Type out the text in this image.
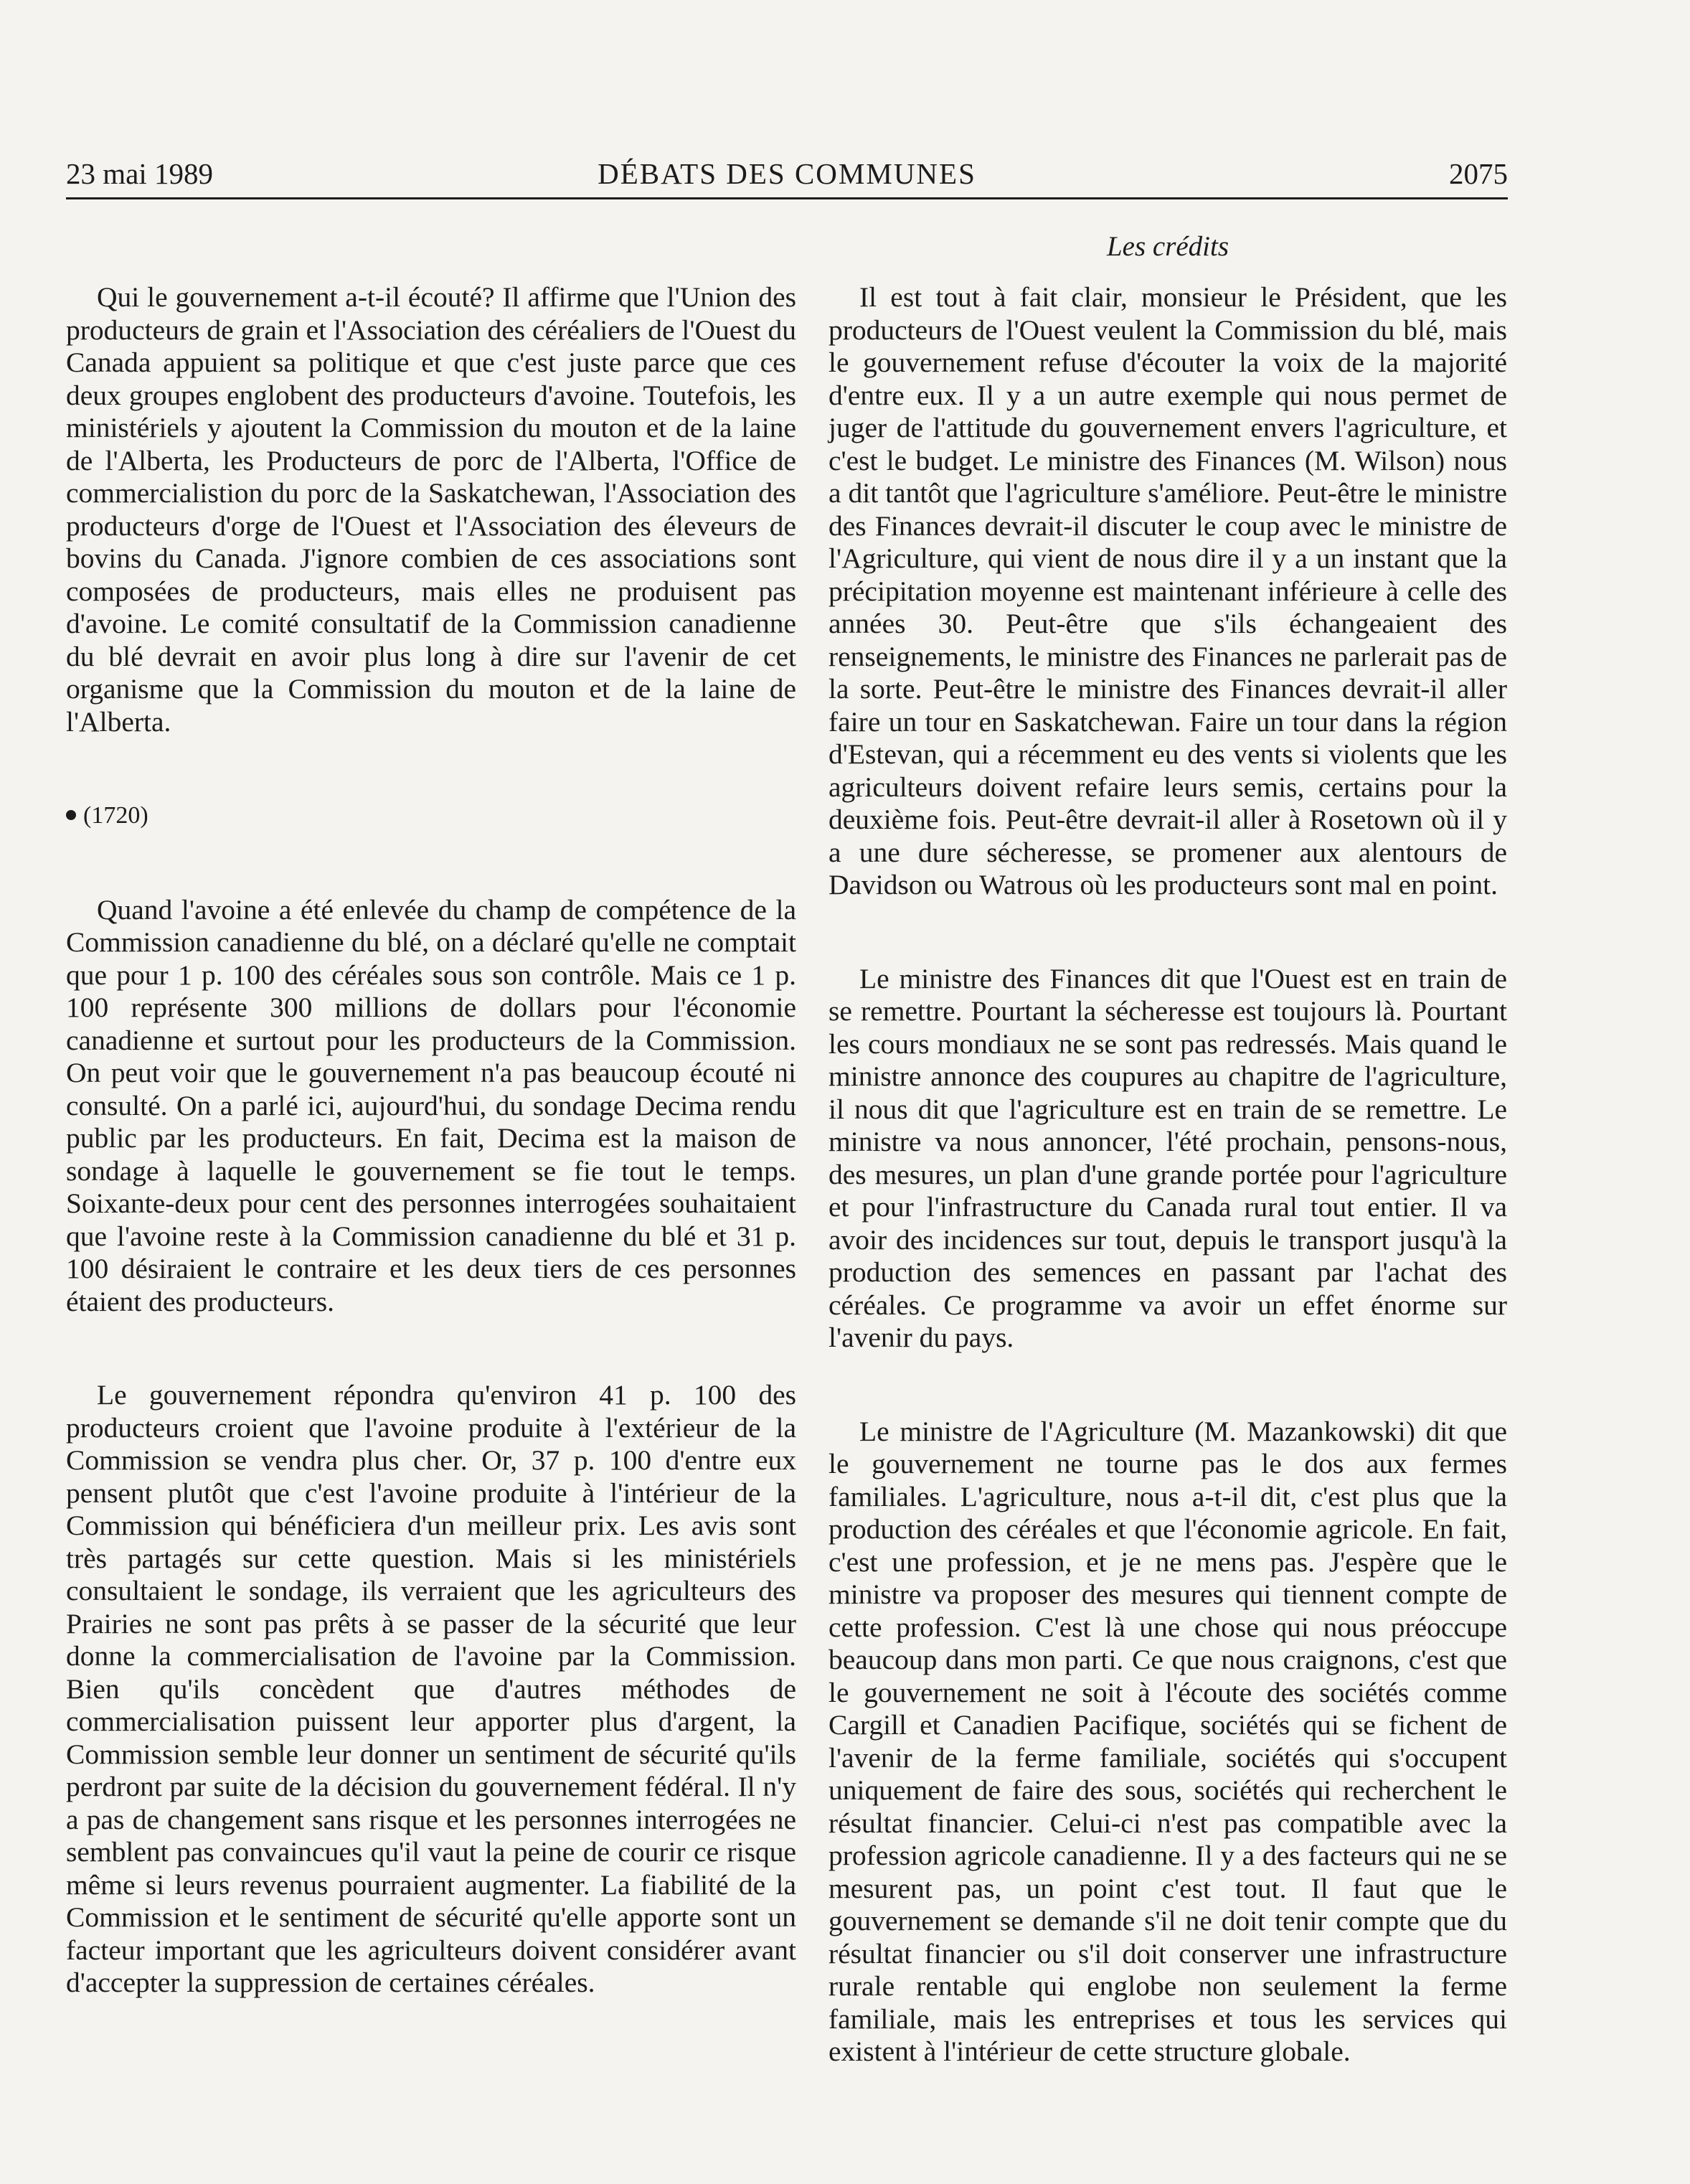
23 mai 1989	DÉBATS DES COMMUNES	2075
Les crédits

Qui le gouvernement a-t-il écouté? Il affirme que l'Union des producteurs de grain et l'Association des céréaliers de l'Ouest du Canada appuient sa politique et que c'est juste parce que ces deux groupes englobent des producteurs d'avoine. Toutefois, les ministériels y ajoutent la Commission du mouton et de la laine de l'Alberta, les Producteurs de porc de l'Alberta, l'Office de commercialistion du porc de la Saskatchewan, l'Association des producteurs d'orge de l'Ouest et l'Association des éleveurs de bovins du Canada. J'ignore combien de ces associations sont composées de producteurs, mais elles ne produisent pas d'avoine. Le comité consultatif de la Commission canadienne du blé devrait en avoir plus long à dire sur l'avenir de cet organisme que la Commission du mouton et de la laine de l'Alberta.

(1720)

Quand l'avoine a été enlevée du champ de compétence de la Commission canadienne du blé, on a déclaré qu'elle ne comptait que pour 1 p. 100 des céréales sous son contrôle. Mais ce 1 p. 100 représente 300 millions de dollars pour l'économie canadienne et surtout pour les producteurs de la Commission. On peut voir que le gouvernement n'a pas beaucoup écouté ni consulté. On a parlé ici, aujourd'hui, du sondage Decima rendu public par les producteurs. En fait, Decima est la maison de sondage à laquelle le gouvernement se fie tout le temps. Soixante-deux pour cent des personnes interrogées souhaitaient que l'avoine reste à la Commission canadienne du blé et 31 p. 100 désiraient le contraire et les deux tiers de ces personnes étaient des producteurs.

Le gouvernement répondra qu'environ 41 p. 100 des producteurs croient que l'avoine produite à l'extérieur de la Commission se vendra plus cher. Or, 37 p. 100 d'entre eux pensent plutôt que c'est l'avoine produite à l'intérieur de la Commission qui bénéficiera d'un meilleur prix. Les avis sont très partagés sur cette question. Mais si les ministériels consultaient le sondage, ils verraient que les agriculteurs des Prairies ne sont pas prêts à se passer de la sécurité que leur donne la commercialisation de l'avoine par la Commission. Bien qu'ils concèdent que d'autres méthodes de commercialisation puissent leur apporter plus d'argent, la Commission semble leur donner un sentiment de sécurité qu'ils perdront par suite de la décision du gouvernement fédéral. Il n'y a pas de changement sans risque et les personnes interrogées ne semblent pas convaincues qu'il vaut la peine de courir ce risque même si leurs revenus pourraient augmenter. La fiabilité de la Commission et le sentiment de sécurité qu'elle apporte sont un facteur important que les agriculteurs doivent considérer avant d'accepter la suppression de certaines céréales.

Il est tout à fait clair, monsieur le Président, que les producteurs de l'Ouest veulent la Commission du blé, mais le gouvernement refuse d'écouter la voix de la majorité d'entre eux. Il y a un autre exemple qui nous permet de juger de l'attitude du gouvernement envers l'agriculture, et c'est le budget. Le ministre des Finances (M. Wilson) nous a dit tantôt que l'agriculture s'améliore. Peut-être le ministre des Finances devrait-il discuter le coup avec le ministre de l'Agriculture, qui vient de nous dire il y a un instant que la précipitation moyenne est maintenant inférieure à celle des années 30. Peut-être que s'ils échangeaient des renseignements, le ministre des Finances ne parlerait pas de la sorte. Peut-être le ministre des Finances devrait-il aller faire un tour en Saskatchewan. Faire un tour dans la région d'Estevan, qui a récemment eu des vents si violents que les agriculteurs doivent refaire leurs semis, certains pour la deuxième fois. Peut-être devrait-il aller à Rosetown où il y a une dure sécheresse, se promener aux alentours de Davidson ou Watrous où les producteurs sont mal en point.

Le ministre des Finances dit que l'Ouest est en train de se remettre. Pourtant la sécheresse est toujours là. Pourtant les cours mondiaux ne se sont pas redressés. Mais quand le ministre annonce des coupures au chapitre de l'agriculture, il nous dit que l'agriculture est en train de se remettre. Le ministre va nous annoncer, l'été prochain, pensons-nous, des mesures, un plan d'une grande portée pour l'agriculture et pour l'infrastructure du Canada rural tout entier. Il va avoir des incidences sur tout, depuis le transport jusqu'à la production des semences en passant par l'achat des céréales. Ce programme va avoir un effet énorme sur l'avenir du pays.

Le ministre de l'Agriculture (M. Mazankowski) dit que le gouvernement ne tourne pas le dos aux fermes familiales. L'agriculture, nous a-t-il dit, c'est plus que la production des céréales et que l'économie agricole. En fait, c'est une profession, et je ne mens pas. J'espère que le ministre va proposer des mesures qui tiennent compte de cette profession. C'est là une chose qui nous préoccupe beaucoup dans mon parti. Ce que nous craignons, c'est que le gouvernement ne soit à l'écoute des sociétés comme Cargill et Canadien Pacifique, sociétés qui se fichent de l'avenir de la ferme familiale, sociétés qui s'occupent uniquement de faire des sous, sociétés qui recherchent le résultat financier. Celui-ci n'est pas compatible avec la profession agricole canadienne. Il y a des facteurs qui ne se mesurent pas, un point c'est tout. Il faut que le gouvernement se demande s'il ne doit tenir compte que du résultat financier ou s'il doit conserver une infrastructure rurale rentable qui englobe non seulement la ferme familiale, mais les entreprises et tous les services qui existent à l'intérieur de cette structure globale.
